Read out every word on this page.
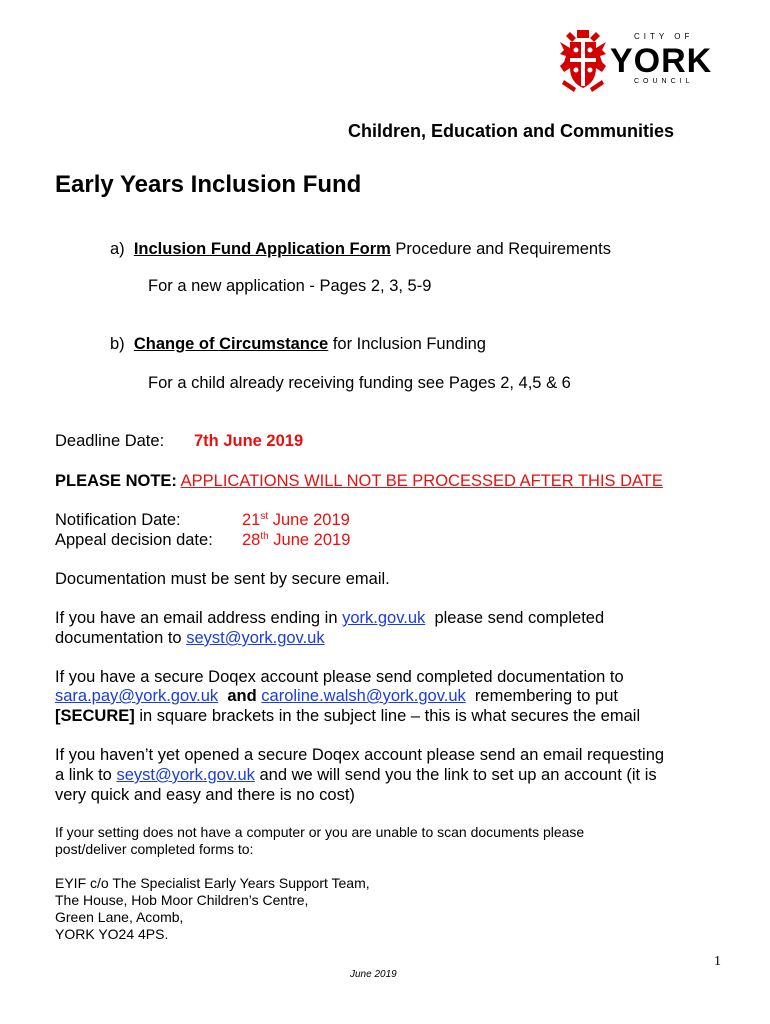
CITY OF
YORK
COUNCIL
Children, Education and Communities
Early Years Inclusion Fund
a) Inclusion Fund Application Form Procedure and Requirements
For a new application - Pages 2, 3, 5-9
b) Change of Circumstance for Inclusion Funding
For a child already receiving funding see Pages 2, 4,5 & 6
Deadline Date: 7th June 2019
PLEASE NOTE: APPLICATIONS WILL NOT BE PROCESSED AFTER THIS DATE
Notification Date:	21st June 2019
Appeal decision date: 28th June 2019
Documentation must be sent by secure email.
If you have an email address ending in york.gov.uk please send completed
documentation to seyst@york.gov.uk
If you have a secure Doqex account please send completed documentation to
sara.pay@york.gov.uk and caroline.walsh@york.gov.uk remembering to put
[SECURE] in square brackets in the subject line – this is what secures the email
If you haven’t yet opened a secure Doqex account please send an email requesting
a link to seyst@york.gov.uk and we will send you the link to set up an account (it is
very quick and easy and there is no cost)
If your setting does not have a computer or you are unable to scan documents please
post/deliver completed forms to:
EYIF c/o The Specialist Early Years Support Team,
The House, Hob Moor Children’s Centre,
Green Lane, Acomb,
YORK YO24 4PS.
1
June 2019
